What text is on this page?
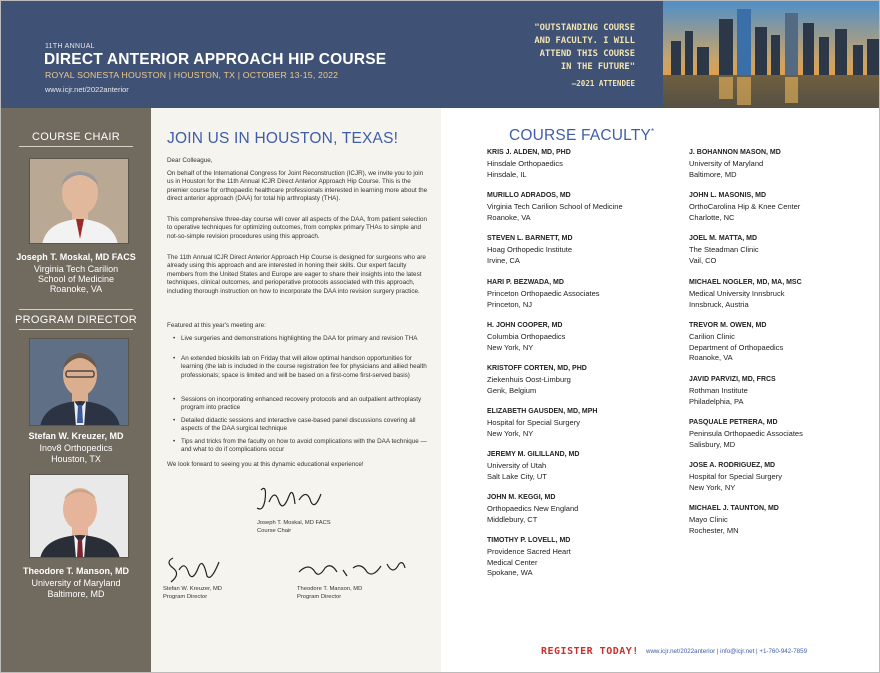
11TH ANNUAL
DIRECT ANTERIOR APPROACH HIP COURSE
ROYAL SONESTA HOUSTON | HOUSTON, TX | OCTOBER 13-15, 2022
www.icjr.net/2022anterior
"OUTSTANDING COURSE
AND FACULTY. I WILL
ATTEND THIS COURSE
IN THE FUTURE"
—2021 ATTENDEE
COURSE CHAIR
Joseph T. Moskal, MD FACS
Virginia Tech Carilion
School of Medicine
Roanoke, VA
PROGRAM DIRECTOR
Stefan W. Kreuzer, MD
Inov8 Orthopedics
Houston, TX
Theodore T. Manson, MD
University of Maryland
Baltimore, MD
JOIN US IN HOUSTON, TEXAS!
Dear Colleague,
On behalf of the International Congress for Joint Reconstruction (ICJR), we invite you to join us in Houston for the 11th Annual ICJR Direct Anterior Approach Hip Course. This is the premier course for orthopaedic healthcare professionals interested in learning more about the direct anterior approach (DAA) for total hip arthroplasty (THA).
This comprehensive three-day course will cover all aspects of the DAA, from patient selection to operative techniques for optimizing outcomes, from complex primary THAs to simple and not-so-simple revision procedures using this approach.
The 11th Annual ICJR Direct Anterior Approach Hip Course is designed for surgeons who are already using this approach and are interested in honing their skills. Our expert faculty members from the United States and Europe are eager to share their insights into the latest techniques, clinical outcomes, and perioperative protocols associated with this approach, including thorough instruction on how to incorporate the DAA into revision surgery practice.
Featured at this year's meeting are:
• Live surgeries and demonstrations highlighting the DAA for primary and revision THA
• An extended bioskills lab on Friday that will allow optimal handson opportunities for learning (the lab is included in the course registration fee for physicians and allied health professionals; space is limited and will be based on a first-come first-served basis)
• Sessions on incorporating enhanced recovery protocols and an outpatient arthroplasty program into practice
• Detailed didactic sessions and interactive case-based panel discussions covering all aspects of the DAA surgical technique
• Tips and tricks from the faculty on how to avoid complications with the DAA technique — and what to do if complications occur
We look forward to seeing you at this dynamic educational experience!
Joseph T. Moskal, MD FACS
Course Chair
Stefan W. Kreuzer, MD
Program Director
Theodore T. Manson, MD
Program Director
COURSE FACULTY*
KRIS J. ALDEN, MD, PHD
Hinsdale Orthopaedics
Hinsdale, IL
MURILLO ADRADOS, MD
Virginia Tech Carilion School of Medicine
Roanoke, VA
STEVEN L. BARNETT, MD
Hoag Orthopedic Institute
Irvine, CA
HARI P. BEZWADA, MD
Princeton Orthopaedic Associates
Princeton, NJ
H. JOHN COOPER, MD
Columbia Orthopaedics
New York, NY
KRISTOFF CORTEN, MD, PHD
Ziekenhuis Oost-Limburg
Genk, Belgium
ELIZABETH GAUSDEN, MD, MPH
Hospital for Special Surgery
New York, NY
JEREMY M. GILILLAND, MD
University of Utah
Salt Lake City, UT
JOHN M. KEGGI, MD
Orthopaedics New England
Middlebury, CT
TIMOTHY P. LOVELL, MD
Providence Sacred Heart
Medical Center
Spokane, WA
J. BOHANNON MASON, MD
University of Maryland
Baltimore, MD
JOHN L. MASONIS, MD
OrthoCarolina Hip & Knee Center
Charlotte, NC
JOEL M. MATTA, MD
The Steadman Clinic
Vail, CO
MICHAEL NOGLER, MD, MA, MSC
Medical University Innsbruck
Innsbruck, Austria
TREVOR M. OWEN, MD
Carilion Clinic
Department of Orthopaedics
Roanoke, VA
JAVID PARVIZI, MD, FRCS
Rothman Institute
Philadelphia, PA
PASQUALE PETRERA, MD
Peninsula Orthopaedic Associates
Salisbury, MD
JOSE A. RODRIGUEZ, MD
Hospital for Special Surgery
New York, NY
MICHAEL J. TAUNTON, MD
Mayo Clinic
Rochester, MN
REGISTER TODAY! www.icjr.net/2022anterior | info@icjr.net | +1-760-942-7859
